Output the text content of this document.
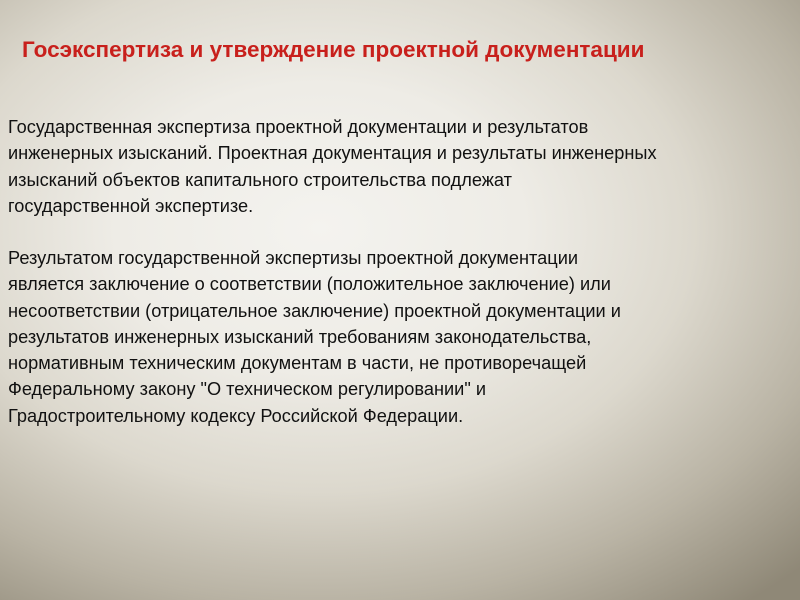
Госэкспертиза и утверждение проектной документации

Государственная экспертиза проектной документации и результатов
инженерных изысканий. Проектная документация и результаты инженерных
изысканий объектов капитального строительства подлежат
государственной экспертизе.

Результатом государственной экспертизы проектной документации
является заключение о соответствии (положительное заключение) или
несоответствии (отрицательное заключение) проектной документации и
результатов инженерных изысканий требованиям законодательства,
нормативным техническим документам в части, не противоречащей
Федеральному закону "О техническом регулировании" и
Градостроительному кодексу Российской Федерации.
